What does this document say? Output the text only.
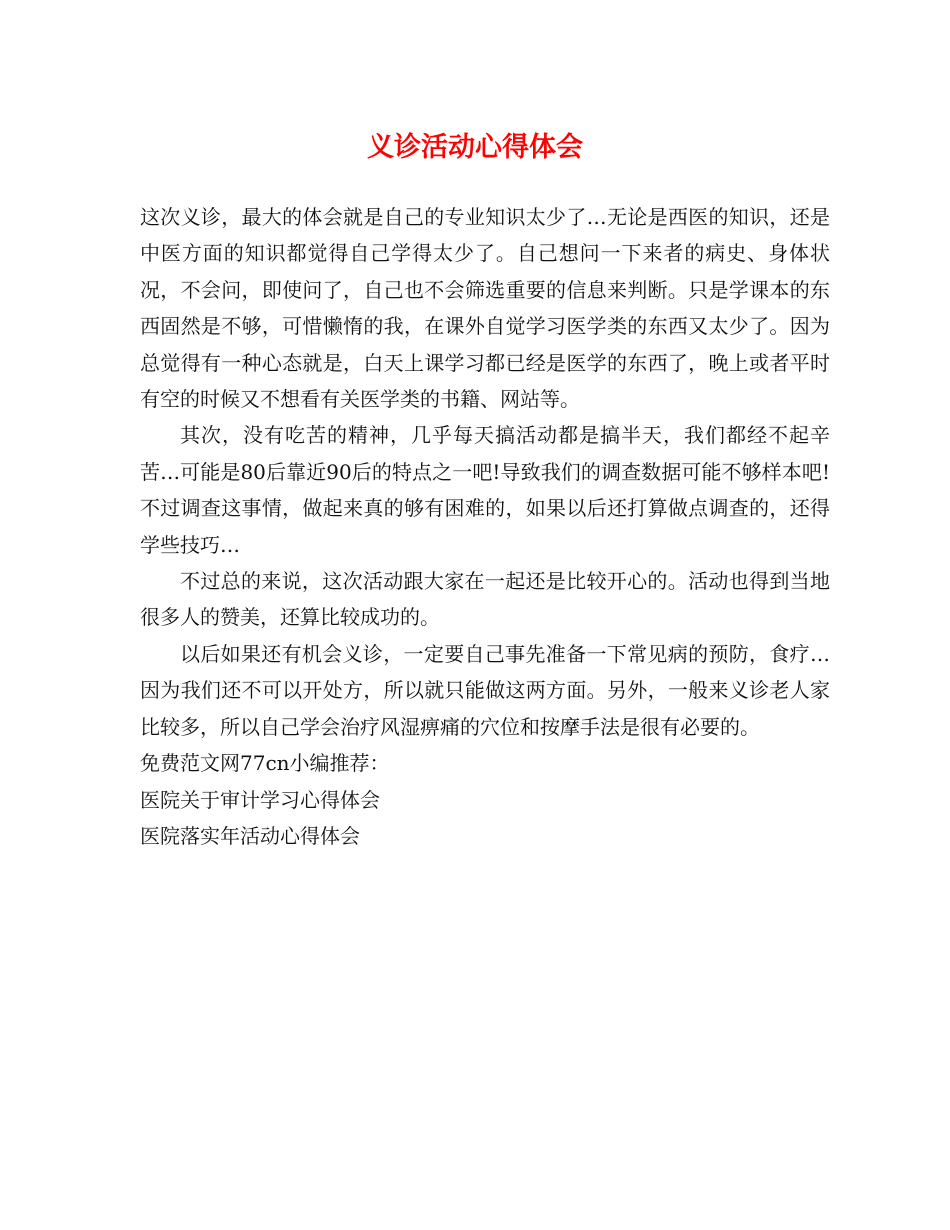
义诊活动心得体会

这次义诊，最大的体会就是自己的专业知识太少了…无论是西医的知识，还是中医方面的知识都觉得自己学得太少了。自己想问一下来者的病史、身体状况，不会问，即使问了，自己也不会筛选重要的信息来判断。只是学课本的东西固然是不够，可惜懒惰的我，在课外自觉学习医学类的东西又太少了。因为总觉得有一种心态就是，白天上课学习都已经是医学的东西了，晚上或者平时有空的时候又不想看有关医学类的书籍、网站等。

其次，没有吃苦的精神，几乎每天搞活动都是搞半天，我们都经不起辛苦…可能是80后靠近90后的特点之一吧!导致我们的调查数据可能不够样本吧!不过调查这事情，做起来真的够有困难的，如果以后还打算做点调查的，还得学些技巧…

不过总的来说，这次活动跟大家在一起还是比较开心的。活动也得到当地很多人的赞美，还算比较成功的。

以后如果还有机会义诊，一定要自己事先准备一下常见病的预防，食疗…因为我们还不可以开处方，所以就只能做这两方面。另外，一般来义诊老人家比较多，所以自己学会治疗风湿痹痛的穴位和按摩手法是很有必要的。

免费范文网77cn小编推荐：

医院关于审计学习心得体会

医院落实年活动心得体会
